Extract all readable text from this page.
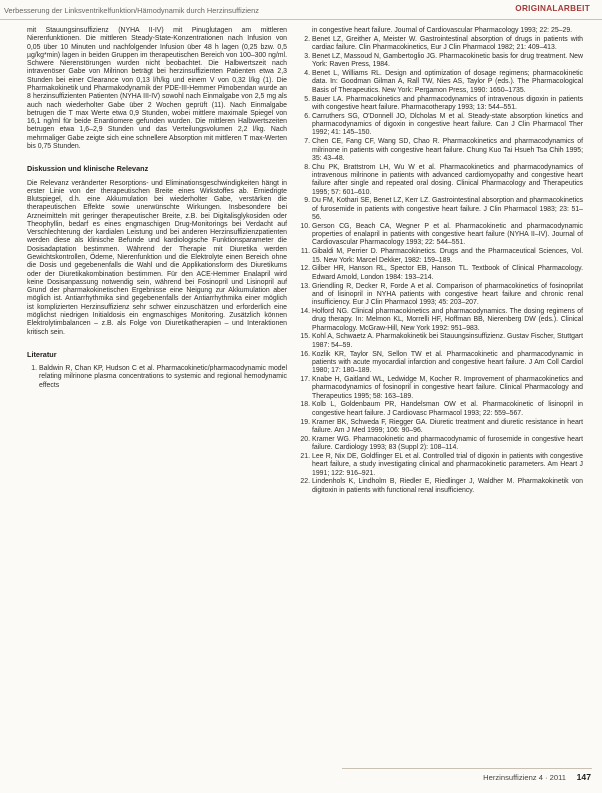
Verbesserung der Linksventrikelfunktion/Hämodynamik durch Herzinsuffizienz	ORIGINALARBEIT

mit Stauungsinsuffizienz (NYHA II-IV) mit Pinuglutagen am mittleren Nierenfunktionen. Die mittleren Steady-State-Konzentrationen nach Infusion von 0,05 über 10 Minuten und nachfolgender Infusion über 48 h lagen (0,25 bzw. 0,5 µg/kg*min) lagen in beiden Gruppen im therapeutischen Bereich von 100–300 ng/ml. Schwere Nierenstörungen wurden nicht beobachtet. Die Halbwertszeit nach intravenöser Gabe von Milrinon beträgt bei herzinsuffizienten Patienten etwa 2,3 Stunden bei einer Clearance von 0,13 l/h/kg und einem V von 0,32 l/kg (1). Die Pharmakokinetik und Pharmakodynamik der PDE-III-Hemmer Pimobendan wurde an 8 herzinsuffizienten Patienten (NYHA III-IV) sowohl nach Einmalgabe von 2,5 mg als auch nach wiederholter Gabe über 2 Wochen geprüft (11). Nach Einmalgabe betrugen die T max Werte etwa 0,9 Stunden, wobei mittlere maximale Spiegel von 16,1 ng/ml für beide Enantiomere gefunden wurden. Die mittleren Halbwertszeiten betrugen etwa 1,6–2,9 Stunden und das Verteilungsvolumen 2,2 l/kg. Nach mehrmaliger Gabe zeigte sich eine schnellere Absorption mit mittleren T max-Werten bis 0,75 Stunden.

Diskussion und klinische Relevanz

Die Relevanz veränderter Resorptions- und Eliminationsgeschwindigkeiten hängt in erster Linie von der therapeutischen Breite eines Wirkstoffes ab. Erniedrigte Blutspiegel, d.h. eine Akkumulation bei wiederholter Gabe, verstärken die therapeutischen Effekte sowie unerwünschte Wirkungen. Insbesondere bei Arzneimitteln mit geringer therapeutischer Breite, z.B. bei Digitalisglykosiden oder Theophyllin, bedarf es eines engmaschigen Drug-Monitorings bei Verdacht auf Verschlechterung der kardialen Leistung und bei anderen Herzinsuffizienzpatienten werden diese als klinische Befunde und kardiologische Funktionsparameter die Dosisadaptation bestimmen. Während der Therapie mit Diuretika werden Gewichtskontrollen, Ödeme, Nierenfunktion und die Elektrolyte einen Bereich ohne die Dosis und gegebenenfalls die Wahl und die Applikationsform des Diuretikums oder der Diuretikakombination bestimmen. Für den ACE-Hemmer Enalapril wird keine Dosisanpassung notwendig sein, während bei Fosinopril und Lisinopril auf Grund der pharmakokinetischen Ergebnisse eine Neigung zur Akkumulation aber möglich ist. Antiarrhythmika sind gegebenenfalls der Antiarrhythmika einer möglich ist komplizierten Herzinsuffizienz sehr schwer einzuschätzen und erforderlich eine möglichst niedrigen Initialdosis ein engmaschiges Monitoring. Zusätzlich können Elektrolytimbalancen – z.B. als Folge von Diuretikatherapien – und Interaktionen kritisch sein.

Literatur
1. Baldwin R, Chan KP, Hudson C et al. Pharmacokinetic/pharmacodynamic model relating milrinone plasma concentrations to systemic and regional hemodynamic effects
in congestive heart failure. Journal of Cardiovascular Pharmacology 1993; 22: 25–29.
2. Benet LZ, Greither A, Meister W. Gastrointestinal absorption of drugs in patients with cardiac failure. Clin Pharmacokinetics, Eur J Clin Pharmacol 1982; 21: 409–413.
3. Benet LZ, Massoud N, Gambertoglio JG. Pharmacokinetic basis for drug treatment. New York: Raven Press, 1984.
4. Benet L, Williams RL. Design and optimization of dosage regimens; pharmacokinetic data. In: Goodman Gilman A, Rall TW, Nies AS, Taylor P (eds.). The Pharmacological Basis of Therapeutics. New York: Pergamon Press, 1990: 1650–1735.
5. Bauer LA. Pharmacokinetics and pharmacodynamics of intravenous digoxin in patients with congestive heart failure. Pharmacotherapy 1993; 13: 544–551.
6. Carruthers SG, O'Donnell JO, Dlcholas M et al. Steady-state absorption kinetics and pharmacodynamics of digoxin in congestive heart failure. Can J Clin Pharmacol Ther 1992; 41: 145–150.
7. Chen CE, Fang CF, Wang SD, Chao R. Pharmacokinetics and pharmacodynamics of milrinone in patients with congestive heart failure. Chung Kuo Tai Hsueh Tsa Chih 1995; 35: 43–48.
8. Chu PK, Brattstrom LH, Wu W et al. Pharmacokinetics and pharmacodynamics of intravenous milrinone in patients with advanced cardiomyopathy and congestive heart failure after single and repeated oral dosing. Clinical Pharmacology and Therapeutics 1995; 57: 601–610.
9. Du FM, Kothari SE, Benet LZ, Kerr LZ. Gastrointestinal absorption and pharmacokinetics of furosemide in patients with congestive heart failure. J Clin Pharmacol 1983; 23: 51–56.
10. Gerson CG, Beach CA, Wegner P et al. Pharmacokinetic and pharmacodynamic properties of enalapril in patients with congestive heart failure (NYHA II–IV). Journal of Cardiovascular Pharmacology 1993; 22: 544–551.
11. Gibaldi M, Perrier D. Pharmacokinetics. Drugs and the Pharmaceutical Sciences, Vol. 15. New York: Marcel Dekker, 1982: 159–189.
12. Gilber HR, Hanson RL, Spector EB, Hanson TL. Textbook of Clinical Pharmacology. Edward Arnold, London 1984: 193–214.
13. Griendling R, Decker R, Forde A et al. Comparison of pharmacokinetics of fosinoprilat and of lisinopril in NYHA patients with congestive heart failure and chronic renal insufficiency. Eur J Clin Pharmacol 1993; 45: 203–207.
14. Holford NG. Clinical pharmacokinetics and pharmacodynamics. The dosing regimens of drug therapy. In: Melmon KL, Morrelli HF, Hoffman BB, Nierenberg DW (eds.). Clinical Pharmacology. McGraw-Hill, New York 1992: 951–983.
15. Kohl A, Schwaetz A. Pharmakokinetik bei Stauungsinsuffizienz. Gustav Fischer, Stuttgart 1987: 54–59.
16. Kozlik KR, Taylor SN, Sellon TW et al. Pharmacokinetic and pharmacodynamic in patients with acute myocardial infarction and congestive heart failure. J Am Coll Cardiol 1980; 17: 180–189.
17. Knabe H, Gaitland WL, Ledwidge M, Kocher R. Improvement of pharmacokinetics and pharmacodynamics of fosinopril in congestive heart failure. Clinical Pharmacology and Therapeutics 1995; 58: 163–189.
18. Kolb L, Goldenbaum PR, Handelsman OW et al. Pharmacokinetic of lisinopril in congestive heart failure. J Cardiovasc Pharmacol 1993; 22: 559–567.
19. Kramer BK, Schweda F, Riegger GA. Diuretic treatment and diuretic resistance in heart failure. Am J Med 1999; 106: 90–96.
20. Kramer WG. Pharmacokinetic and pharmacodynamic of furosemide in congestive heart failure. Cardiology 1993; 83 (Suppl 2): 108–114.
21. Lee R, Nix DE, Goldfinger EL et al. Controlled trial of digoxin in patients with congestive heart failure, a study investigating clinical and pharmacokinetic parameters. Am Heart J 1991; 122: 916–921.
22. Lindenhols K, Lindholm B, Riedler E, Riedlinger J, Waldher M. Pharmakokinetik von digitoxin in patients with functional renal insufficiency.
Herzinsuffizienz 4 · 2011 147
